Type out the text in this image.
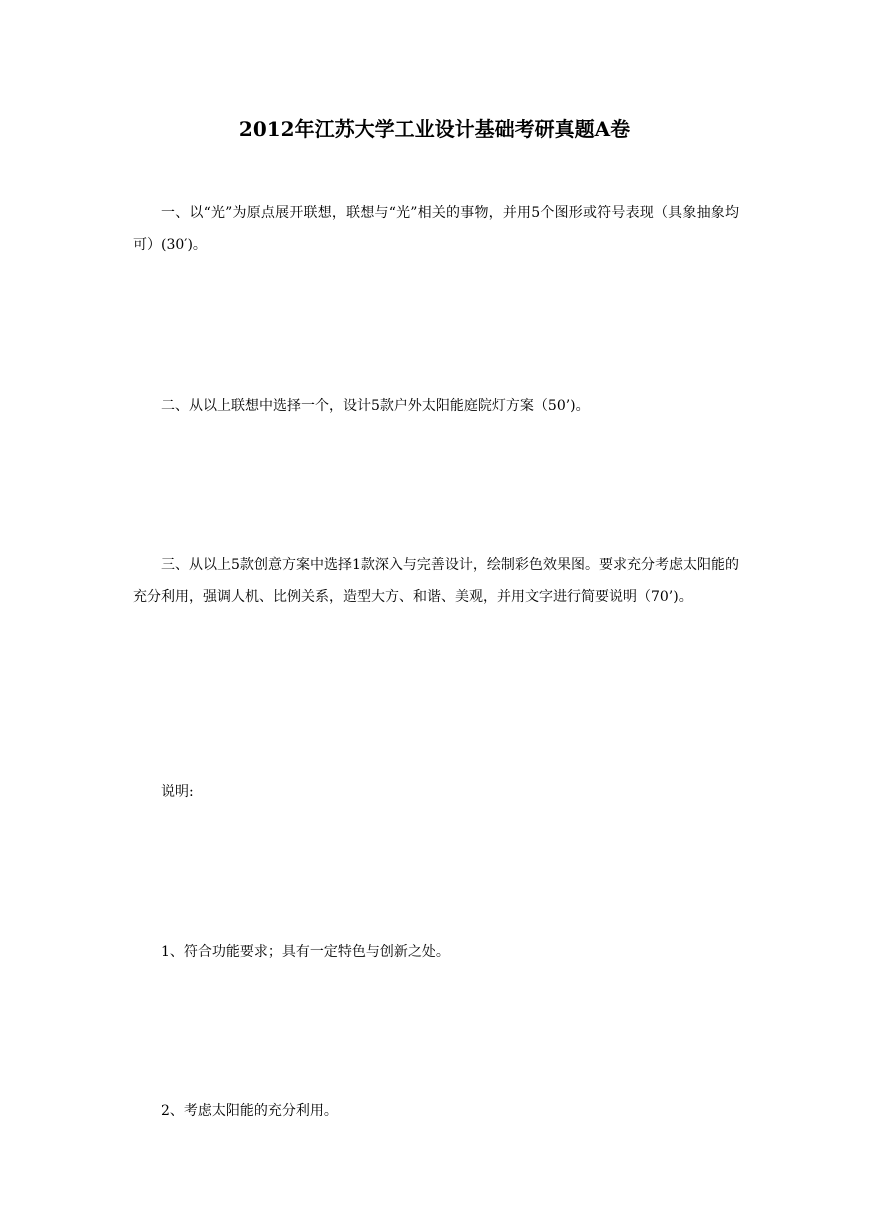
2012年江苏大学工业设计基础考研真题A卷
一、以“光”为原点展开联想，联想与“光”相关的事物，并用5个图形或符号表现（具象抽象均可）(30′)。
二、从以上联想中选择一个，设计5款户外太阳能庭院灯方案（50’)。
三、从以上5款创意方案中选择1款深入与完善设计，绘制彩色效果图。要求充分考虑太阳能的充分利用，强调人机、比例关系，造型大方、和谐、美观，并用文字进行简要说明（70’)。
说明:
1、符合功能要求；具有一定特色与创新之处。
2、考虑太阳能的充分利用。
